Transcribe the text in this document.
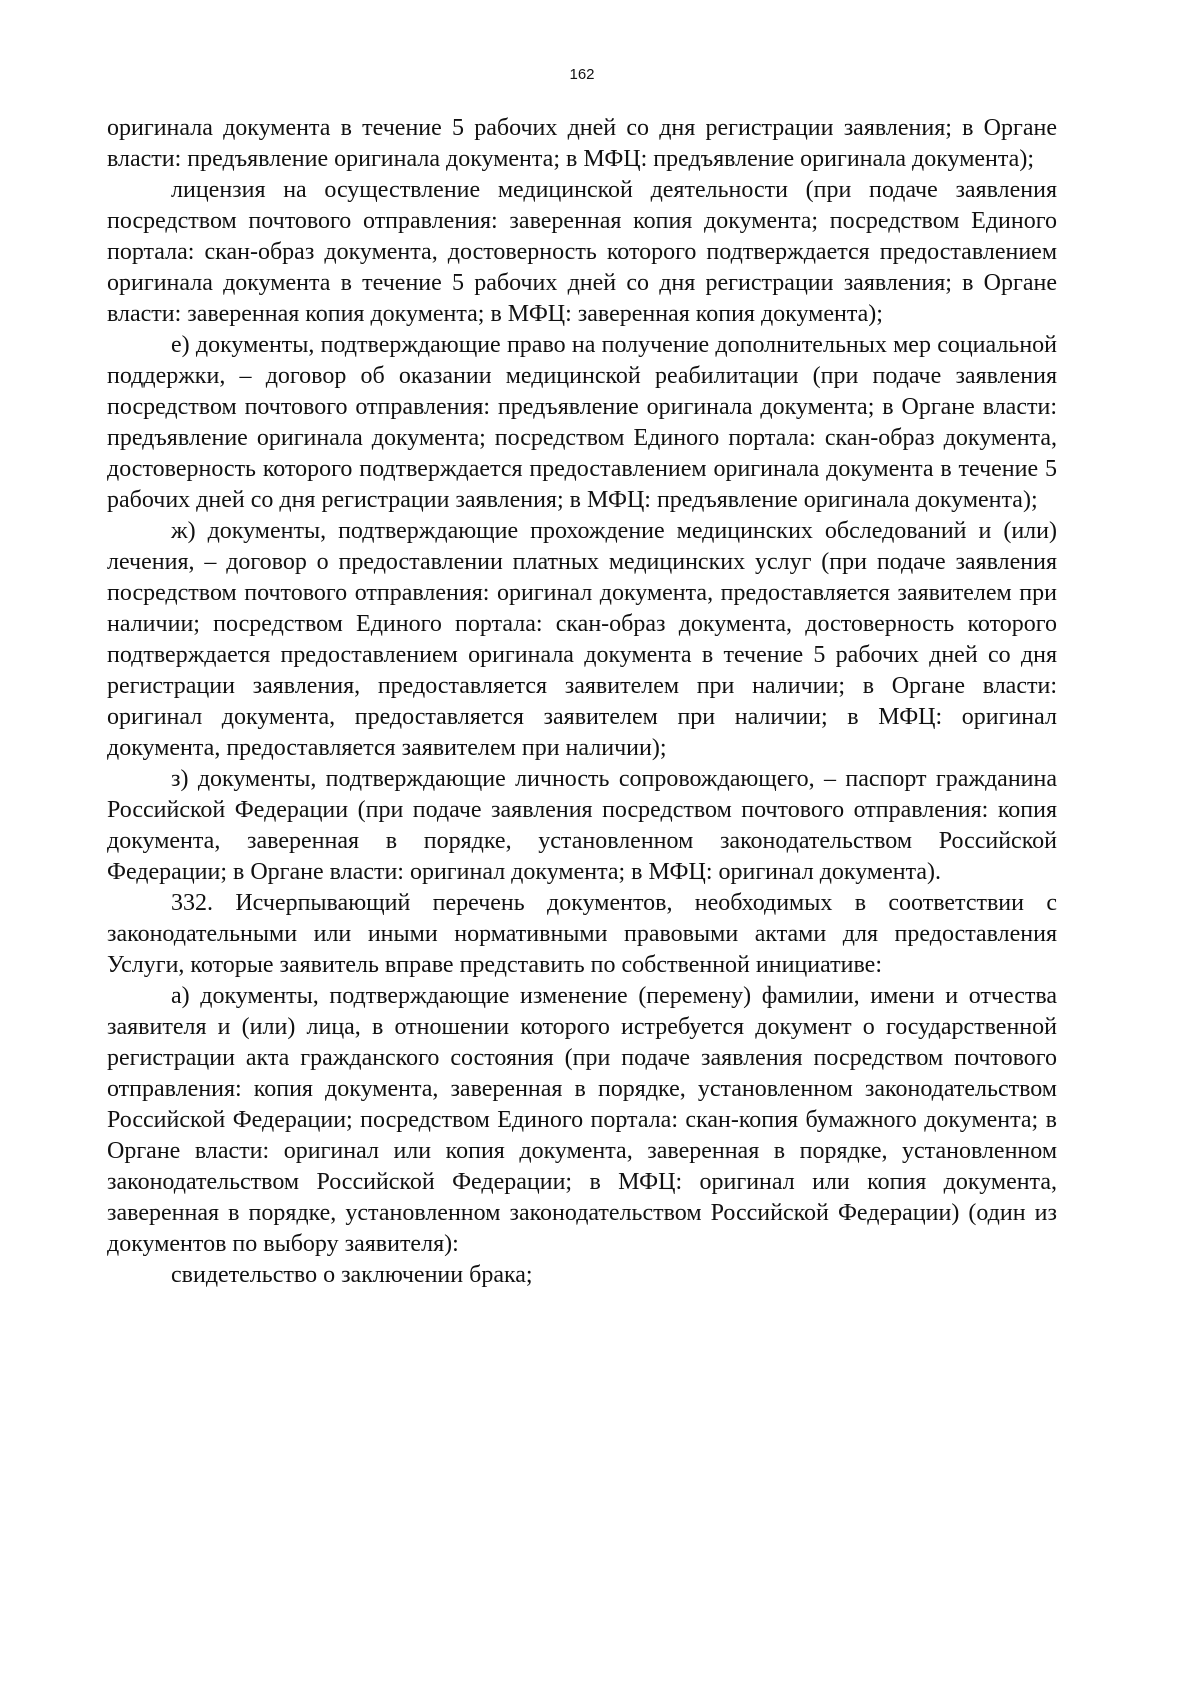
162

оригинала документа в течение 5 рабочих дней со дня регистрации заявления; в Органе власти: предъявление оригинала документа; в МФЦ: предъявление оригинала документа);

лицензия на осуществление медицинской деятельности (при подаче заявления посредством почтового отправления: заверенная копия документа; посредством Единого портала: скан-образ документа, достоверность которого подтверждается предоставлением оригинала документа в течение 5 рабочих дней со дня регистрации заявления; в Органе власти: заверенная копия документа; в МФЦ: заверенная копия документа);

е) документы, подтверждающие право на получение дополнительных мер социальной поддержки, – договор об оказании медицинской реабилитации (при подаче заявления посредством почтового отправления: предъявление оригинала документа; в Органе власти: предъявление оригинала документа; посредством Единого портала: скан-образ документа, достоверность которого подтверждается предоставлением оригинала документа в течение 5 рабочих дней со дня регистрации заявления; в МФЦ: предъявление оригинала документа);

ж) документы, подтверждающие прохождение медицинских обследований и (или) лечения, – договор о предоставлении платных медицинских услуг (при подаче заявления посредством почтового отправления: оригинал документа, предоставляется заявителем при наличии; посредством Единого портала: скан-образ документа, достоверность которого подтверждается предоставлением оригинала документа в течение 5 рабочих дней со дня регистрации заявления, предоставляется заявителем при наличии; в Органе власти: оригинал документа, предоставляется заявителем при наличии; в МФЦ: оригинал документа, предоставляется заявителем при наличии);

з) документы, подтверждающие личность сопровождающего, – паспорт гражданина Российской Федерации (при подаче заявления посредством почтового отправления: копия документа, заверенная в порядке, установленном законодательством Российской Федерации; в Органе власти: оригинал документа; в МФЦ: оригинал документа).

332. Исчерпывающий перечень документов, необходимых в соответствии с законодательными или иными нормативными правовыми актами для предоставления Услуги, которые заявитель вправе представить по собственной инициативе:

а) документы, подтверждающие изменение (перемену) фамилии, имени и отчества заявителя и (или) лица, в отношении которого истребуется документ о государственной регистрации акта гражданского состояния (при подаче заявления посредством почтового отправления: копия документа, заверенная в порядке, установленном законодательством Российской Федерации; посредством Единого портала: скан-копия бумажного документа; в Органе власти: оригинал или копия документа, заверенная в порядке, установленном законодательством Российской Федерации; в МФЦ: оригинал или копия документа, заверенная в порядке, установленном законодательством Российской Федерации) (один из документов по выбору заявителя):

свидетельство о заключении брака;
